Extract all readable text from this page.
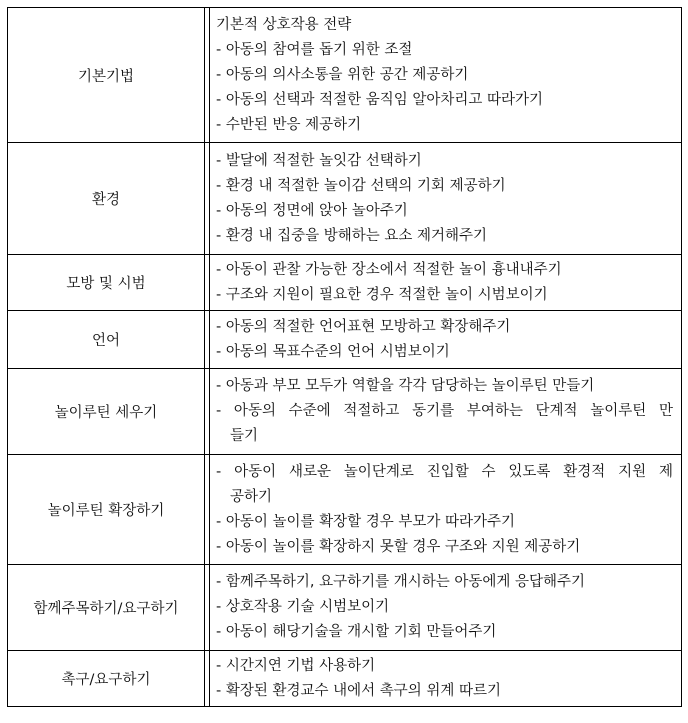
기본기법		기본적 상호작용 전략
- 아동의 참여를 돕기 위한 조절
- 아동의 의사소통을 위한 공간 제공하기
- 아동의 선택과 적절한 움직임 알아차리고 따라가기
- 수반된 반응 제공하기

환경		- 발달에 적절한 놀잇감 선택하기
- 환경 내 적절한 놀이감 선택의 기회 제공하기
- 아동의 정면에 앉아 놀아주기
- 환경 내 집중을 방해하는 요소 제거해주기

모방 및 시범		- 아동이 관찰 가능한 장소에서 적절한 놀이 흉내내주기
- 구조와 지원이 필요한 경우 적절한 놀이 시범보이기

언어		- 아동의 적절한 언어표현 모방하고 확장해주기
- 아동의 목표수준의 언어 시범보이기

놀이루틴 세우기		- 아동과 부모 모두가 역할을 각각 담당하는 놀이루틴 만들기
- 아동의 수준에 적절하고 동기를 부여하는 단계적 놀이루틴 만
들기

놀이루틴 확장하기		- 아동이 새로운 놀이단계로 진입할 수 있도록 환경적 지원 제
공하기
- 아동이 놀이를 확장할 경우 부모가 따라가주기
- 아동이 놀이를 확장하지 못할 경우 구조와 지원 제공하기

함께주목하기/요구하기		- 함께주목하기, 요구하기를 개시하는 아동에게 응답해주기
- 상호작용 기술 시범보이기
- 아동이 해당기술을 개시할 기회 만들어주기

촉구/요구하기		- 시간지연 기법 사용하기
- 확장된 환경교수 내에서 촉구의 위계 따르기
